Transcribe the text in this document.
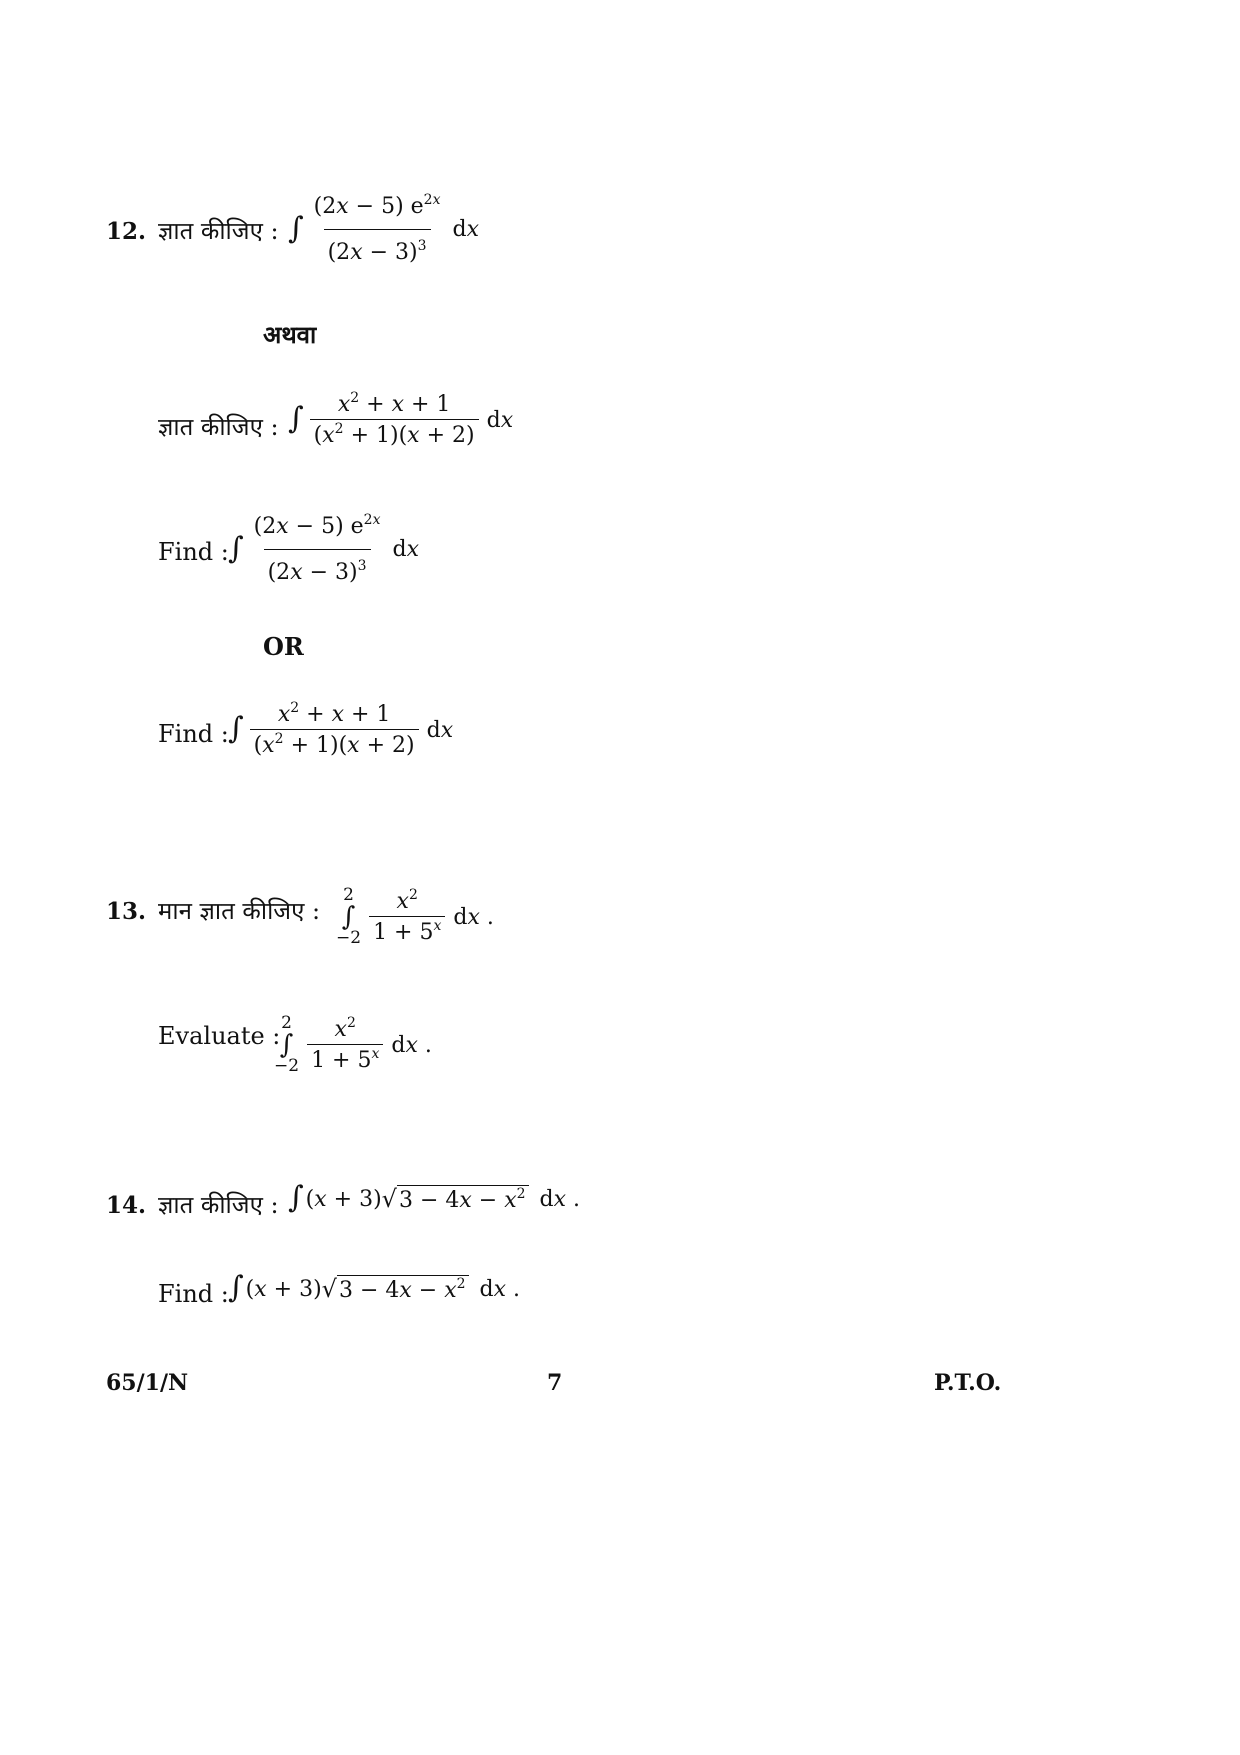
12. ज्ञात कीजिए : ∫ $\frac{(2x - 5) e^{2x}}{(2x - 3)^3}$ dx
अथवा
ज्ञात कीजिए : ∫ $\frac{x^2 + x + 1}{(x^2 + 1)(x + 2)}$ dx
Find : ∫ $\frac{(2x - 5) e^{2x}}{(2x - 3)^3}$ dx
OR
Find : ∫ $\frac{x^2 + x + 1}{(x^2 + 1)(x + 2)}$ dx
13. मान ज्ञात कीजिए :
2
∫
$-2 \frac{x^2}{1 + 5^x}$ dx .
Evaluate : 2
∫
$-2 \frac{x^2}{1 + 5^x}$ dx .
14. ज्ञात कीजिए : ∫ (x + 3) √ $3 - 4x - x^2$ dx .
Find : ∫ (x + 3) √ $3 - 4x - x^2$ dx .
65/1/N	7	P.T.O.
